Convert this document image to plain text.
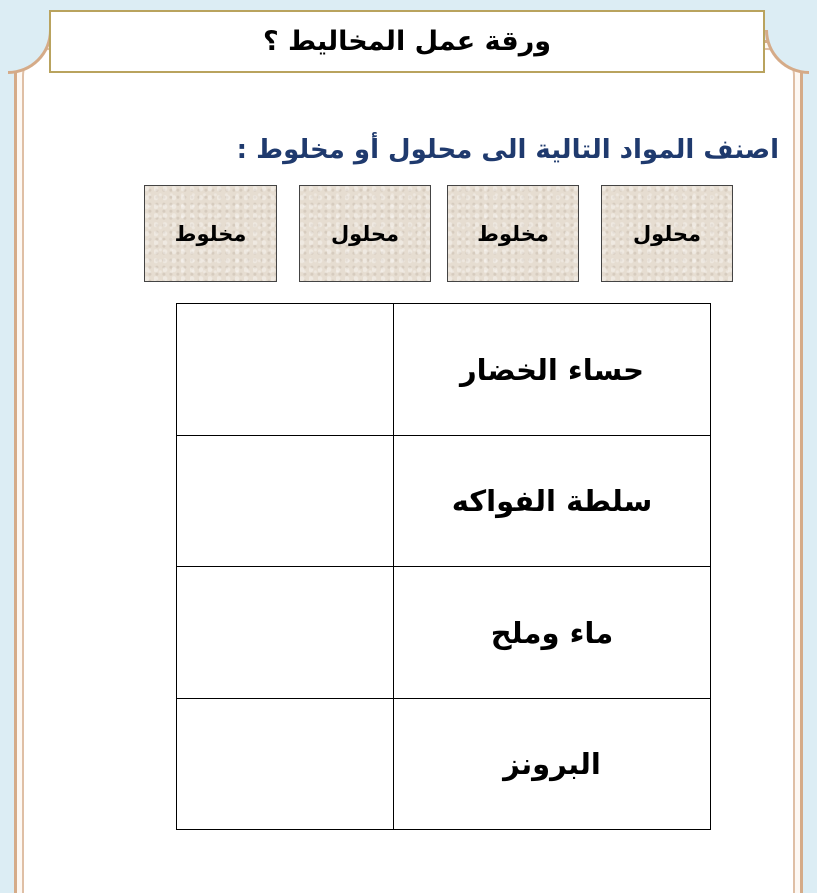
ورقة عمل المخاليط ؟
اصنف المواد التالية الى محلول أو مخلوط :
محلول
مخلوط
محلول
مخلوط
حساء الخضار
سلطة الفواكه
ماء وملح
البرونز
